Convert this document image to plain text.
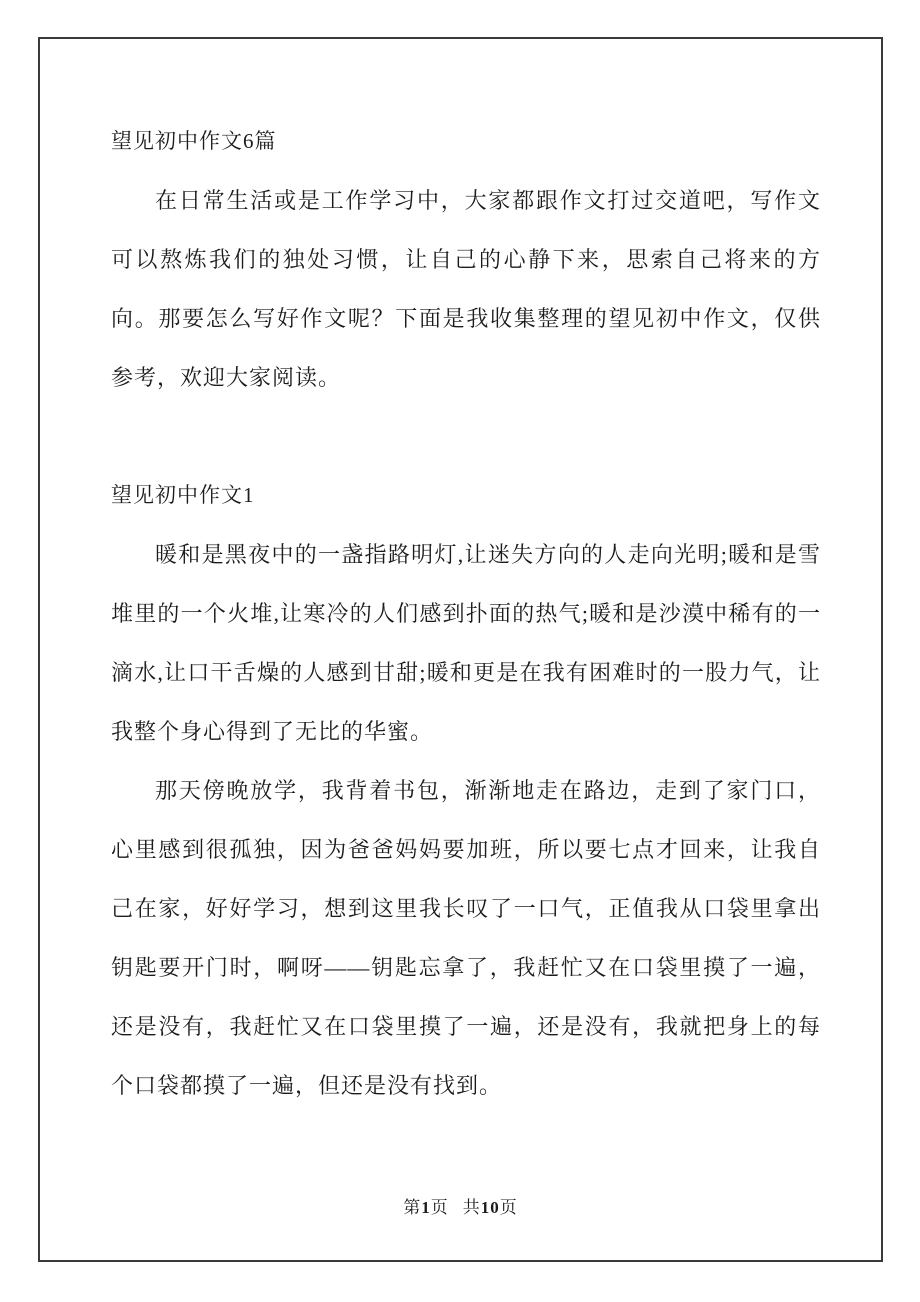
望见初中作文6篇

在日常生活或是工作学习中，大家都跟作文打过交道吧，写作文可以熬炼我们的独处习惯，让自己的心静下来，思索自己将来的方向。那要怎么写好作文呢？下面是我收集整理的望见初中作文，仅供参考，欢迎大家阅读。

望见初中作文1

暖和是黑夜中的一盏指路明灯,让迷失方向的人走向光明;暖和是雪堆里的一个火堆,让寒冷的人们感到扑面的热气;暖和是沙漠中稀有的一滴水,让口干舌燥的人感到甘甜;暖和更是在我有困难时的一股力气，让我整个身心得到了无比的华蜜。

那天傍晚放学，我背着书包，渐渐地走在路边，走到了家门口，心里感到很孤独，因为爸爸妈妈要加班，所以要七点才回来，让我自己在家，好好学习，想到这里我长叹了一口气，正值我从口袋里拿出钥匙要开门时，啊呀——钥匙忘拿了，我赶忙又在口袋里摸了一遍，还是没有，我赶忙又在口袋里摸了一遍，还是没有，我就把身上的每个口袋都摸了一遍，但还是没有找到。

第1页 共10页
